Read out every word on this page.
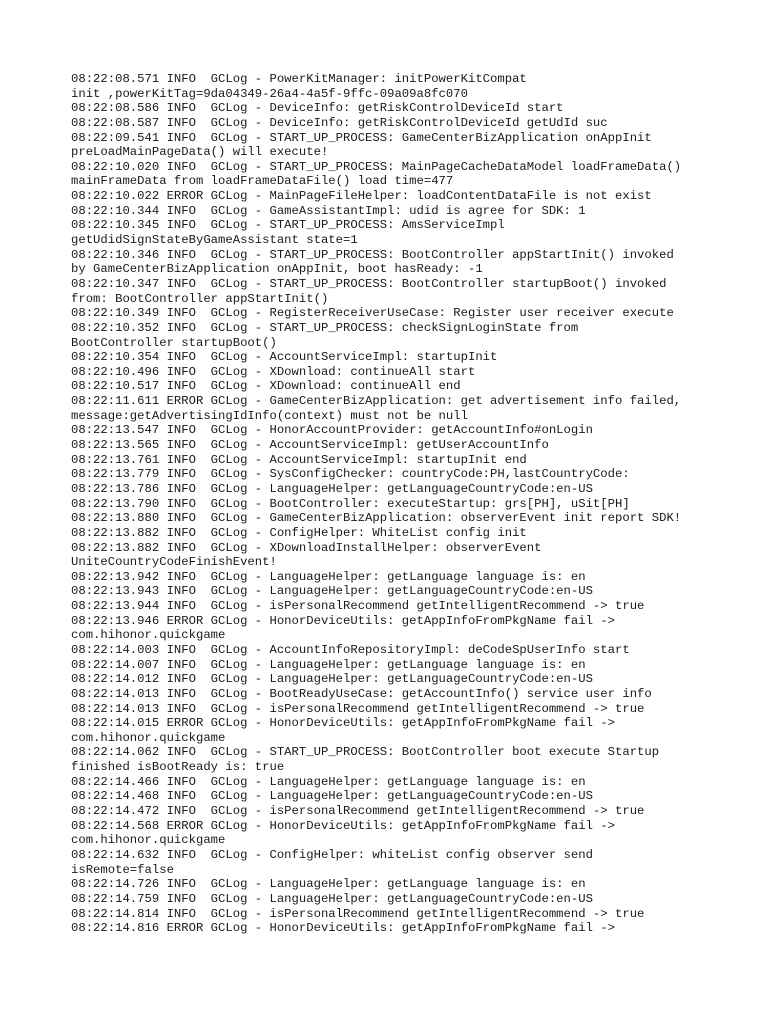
08:22:08.571 INFO  GCLog - PowerKitManager: initPowerKitCompat
init ,powerKitTag=9da04349-26a4-4a5f-9ffc-09a09a8fc070
08:22:08.586 INFO  GCLog - DeviceInfo: getRiskControlDeviceId start
08:22:08.587 INFO  GCLog - DeviceInfo: getRiskControlDeviceId getUdId suc
08:22:09.541 INFO  GCLog - START_UP_PROCESS: GameCenterBizApplication onAppInit
preLoadMainPageData() will execute!
08:22:10.020 INFO  GCLog - START_UP_PROCESS: MainPageCacheDataModel loadFrameData()
mainFrameData from loadFrameDataFile() load time=477
08:22:10.022 ERROR GCLog - MainPageFileHelper: loadContentDataFile is not exist
08:22:10.344 INFO  GCLog - GameAssistantImpl: udid is agree for SDK: 1
08:22:10.345 INFO  GCLog - START_UP_PROCESS: AmsServiceImpl
getUdidSignStateByGameAssistant state=1
08:22:10.346 INFO  GCLog - START_UP_PROCESS: BootController appStartInit() invoked
by GameCenterBizApplication onAppInit, boot hasReady: -1
08:22:10.347 INFO  GCLog - START_UP_PROCESS: BootController startupBoot() invoked
from: BootController appStartInit()
08:22:10.349 INFO  GCLog - RegisterReceiverUseCase: Register user receiver execute
08:22:10.352 INFO  GCLog - START_UP_PROCESS: checkSignLoginState from
BootController startupBoot()
08:22:10.354 INFO  GCLog - AccountServiceImpl: startupInit
08:22:10.496 INFO  GCLog - XDownload: continueAll start
08:22:10.517 INFO  GCLog - XDownload: continueAll end
08:22:11.611 ERROR GCLog - GameCenterBizApplication: get advertisement info failed,
message:getAdvertisingIdInfo(context) must not be null
08:22:13.547 INFO  GCLog - HonorAccountProvider: getAccountInfo#onLogin
08:22:13.565 INFO  GCLog - AccountServiceImpl: getUserAccountInfo
08:22:13.761 INFO  GCLog - AccountServiceImpl: startupInit end
08:22:13.779 INFO  GCLog - SysConfigChecker: countryCode:PH,lastCountryCode:
08:22:13.786 INFO  GCLog - LanguageHelper: getLanguageCountryCode:en-US
08:22:13.790 INFO  GCLog - BootController: executeStartup: grs[PH], uSit[PH]
08:22:13.880 INFO  GCLog - GameCenterBizApplication: observerEvent init report SDK!
08:22:13.882 INFO  GCLog - ConfigHelper: WhiteList config init
08:22:13.882 INFO  GCLog - XDownloadInstallHelper: observerEvent
UniteCountryCodeFinishEvent!
08:22:13.942 INFO  GCLog - LanguageHelper: getLanguage language is: en
08:22:13.943 INFO  GCLog - LanguageHelper: getLanguageCountryCode:en-US
08:22:13.944 INFO  GCLog - isPersonalRecommend getIntelligentRecommend -> true
08:22:13.946 ERROR GCLog - HonorDeviceUtils: getAppInfoFromPkgName fail ->
com.hihonor.quickgame
08:22:14.003 INFO  GCLog - AccountInfoRepositoryImpl: deCodeSpUserInfo start
08:22:14.007 INFO  GCLog - LanguageHelper: getLanguage language is: en
08:22:14.012 INFO  GCLog - LanguageHelper: getLanguageCountryCode:en-US
08:22:14.013 INFO  GCLog - BootReadyUseCase: getAccountInfo() service user info
08:22:14.013 INFO  GCLog - isPersonalRecommend getIntelligentRecommend -> true
08:22:14.015 ERROR GCLog - HonorDeviceUtils: getAppInfoFromPkgName fail ->
com.hihonor.quickgame
08:22:14.062 INFO  GCLog - START_UP_PROCESS: BootController boot execute Startup
finished isBootReady is: true
08:22:14.466 INFO  GCLog - LanguageHelper: getLanguage language is: en
08:22:14.468 INFO  GCLog - LanguageHelper: getLanguageCountryCode:en-US
08:22:14.472 INFO  GCLog - isPersonalRecommend getIntelligentRecommend -> true
08:22:14.568 ERROR GCLog - HonorDeviceUtils: getAppInfoFromPkgName fail ->
com.hihonor.quickgame
08:22:14.632 INFO  GCLog - ConfigHelper: whiteList config observer send
isRemote=false
08:22:14.726 INFO  GCLog - LanguageHelper: getLanguage language is: en
08:22:14.759 INFO  GCLog - LanguageHelper: getLanguageCountryCode:en-US
08:22:14.814 INFO  GCLog - isPersonalRecommend getIntelligentRecommend -> true
08:22:14.816 ERROR GCLog - HonorDeviceUtils: getAppInfoFromPkgName fail ->
